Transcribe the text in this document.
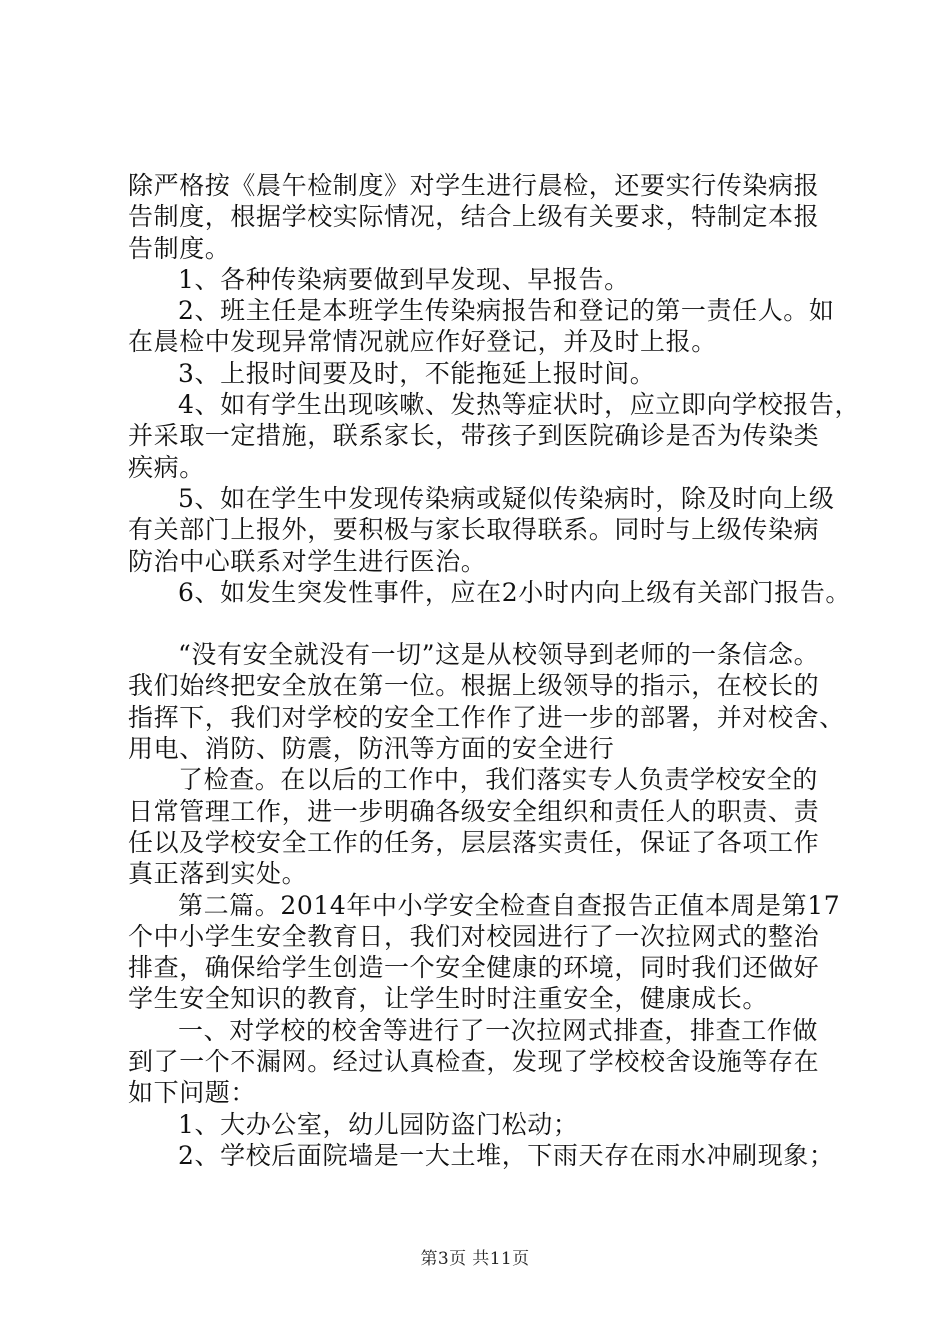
除严格按《晨午检制度》对学生进行晨检，还要实行传染病报
告制度，根据学校实际情况，结合上级有关要求，特制定本报
告制度。
1、各种传染病要做到早发现、早报告。
2、班主任是本班学生传染病报告和登记的第一责任人。如
在晨检中发现异常情况就应作好登记，并及时上报。
3、上报时间要及时，不能拖延上报时间。
4、如有学生出现咳嗽、发热等症状时，应立即向学校报告，
并采取一定措施，联系家长，带孩子到医院确诊是否为传染类
疾病。
5、如在学生中发现传染病或疑似传染病时，除及时向上级
有关部门上报外，要积极与家长取得联系。同时与上级传染病
防治中心联系对学生进行医治。
6、如发生突发性事件，应在2小时内向上级有关部门报告。
“没有安全就没有一切”这是从校领导到老师的一条信念。
我们始终把安全放在第一位。根据上级领导的指示，在校长的
指挥下，我们对学校的安全工作作了进一步的部署，并对校舍、
用电、消防、防震，防汛等方面的安全进行
了检查。在以后的工作中，我们落实专人负责学校安全的
日常管理工作，进一步明确各级安全组织和责任人的职责、责
任以及学校安全工作的任务，层层落实责任，保证了各项工作
真正落到实处。
第二篇。2014年中小学安全检查自查报告正值本周是第17
个中小学生安全教育日，我们对校园进行了一次拉网式的整治
排查，确保给学生创造一个安全健康的环境，同时我们还做好
学生安全知识的教育，让学生时时注重安全，健康成长。
一、对学校的校舍等进行了一次拉网式排查，排查工作做
到了一个不漏网。经过认真检查，发现了学校校舍设施等存在
如下问题：
1、大办公室，幼儿园防盗门松动；
2、学校后面院墙是一大土堆，下雨天存在雨水冲刷现象；
第3页 共11页
